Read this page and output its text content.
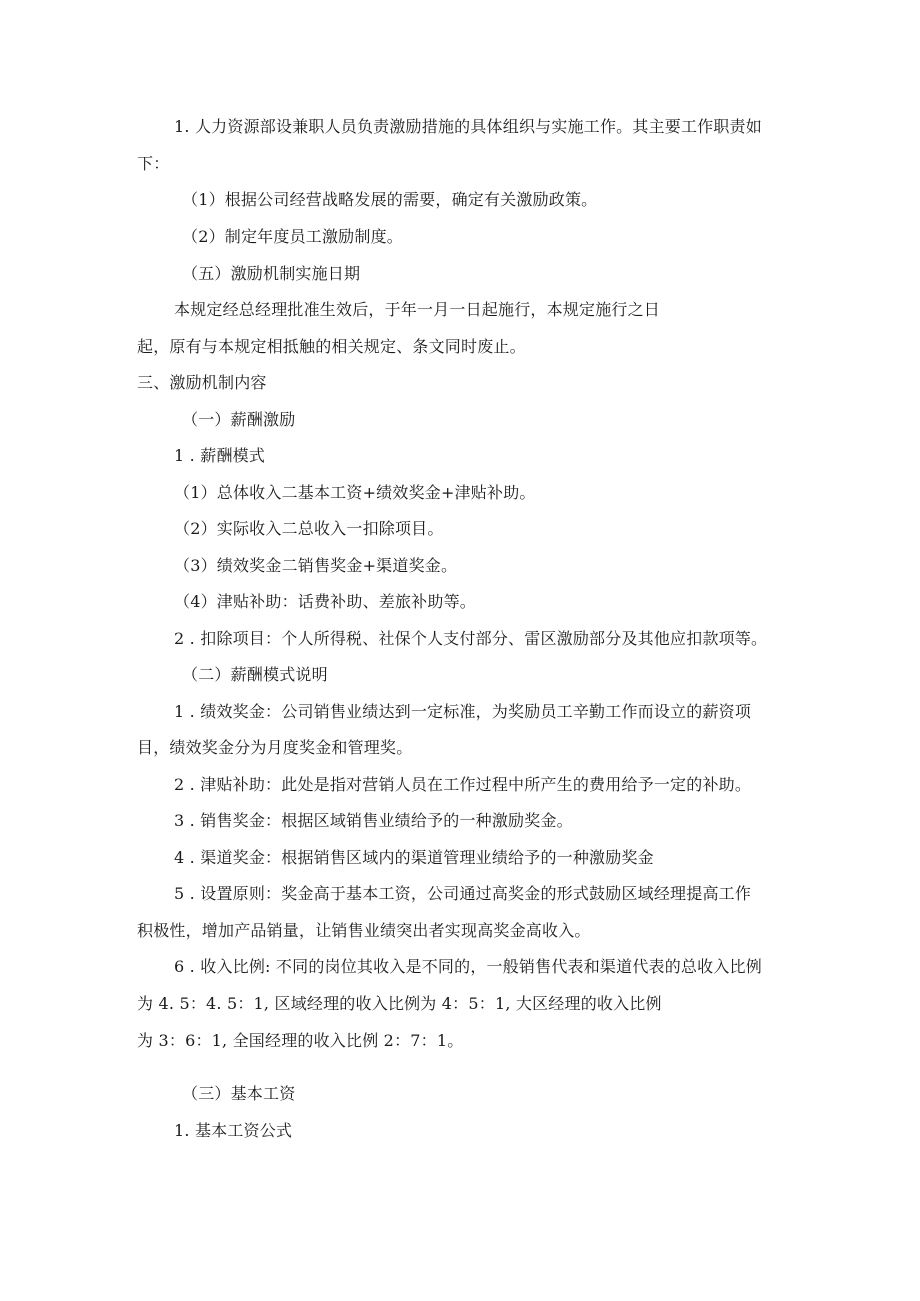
1. 人力资源部设兼职人员负责激励措施的具体组织与实施工作。其主要工作职责如
下：
（1）根据公司经营战略发展的需要，确定有关激励政策。
（2）制定年度员工激励制度。
（五）激励机制实施日期
本规定经总经理批准生效后，于年一月一日起施行，本规定施行之日
起，原有与本规定相抵触的相关规定、条文同时废止。
三、激励机制内容
（一）薪酬激励
1 . 薪酬模式
（1）总体收入二基本工资+绩效奖金+津贴补助。
（2）实际收入二总收入一扣除项目。
（3）绩效奖金二销售奖金+渠道奖金。
（4）津贴补助：话费补助、差旅补助等。
2 . 扣除项目：个人所得税、社保个人支付部分、雷区激励部分及其他应扣款项等。
（二）薪酬模式说明
1 . 绩效奖金：公司销售业绩达到一定标准，为奖励员工辛勤工作而设立的薪资项
目，绩效奖金分为月度奖金和管理奖。
2 . 津贴补助：此处是指对营销人员在工作过程中所产生的费用给予一定的补助。
3 . 销售奖金：根据区域销售业绩给予的一种激励奖金。
4 . 渠道奖金：根据销售区域内的渠道管理业绩给予的一种激励奖金
5 . 设置原则：奖金高于基本工资，公司通过高奖金的形式鼓励区域经理提高工作
积极性，增加产品销量，让销售业绩突出者实现高奖金高收入。
6 . 收入比例: 不同的岗位其收入是不同的，一般销售代表和渠道代表的总收入比例
为 4. 5：4. 5：1, 区域经理的收入比例为 4：5：1, 大区经理的收入比例
为 3：6：1, 全国经理的收入比例 2：7：1。
（三）基本工资
1. 基本工资公式
